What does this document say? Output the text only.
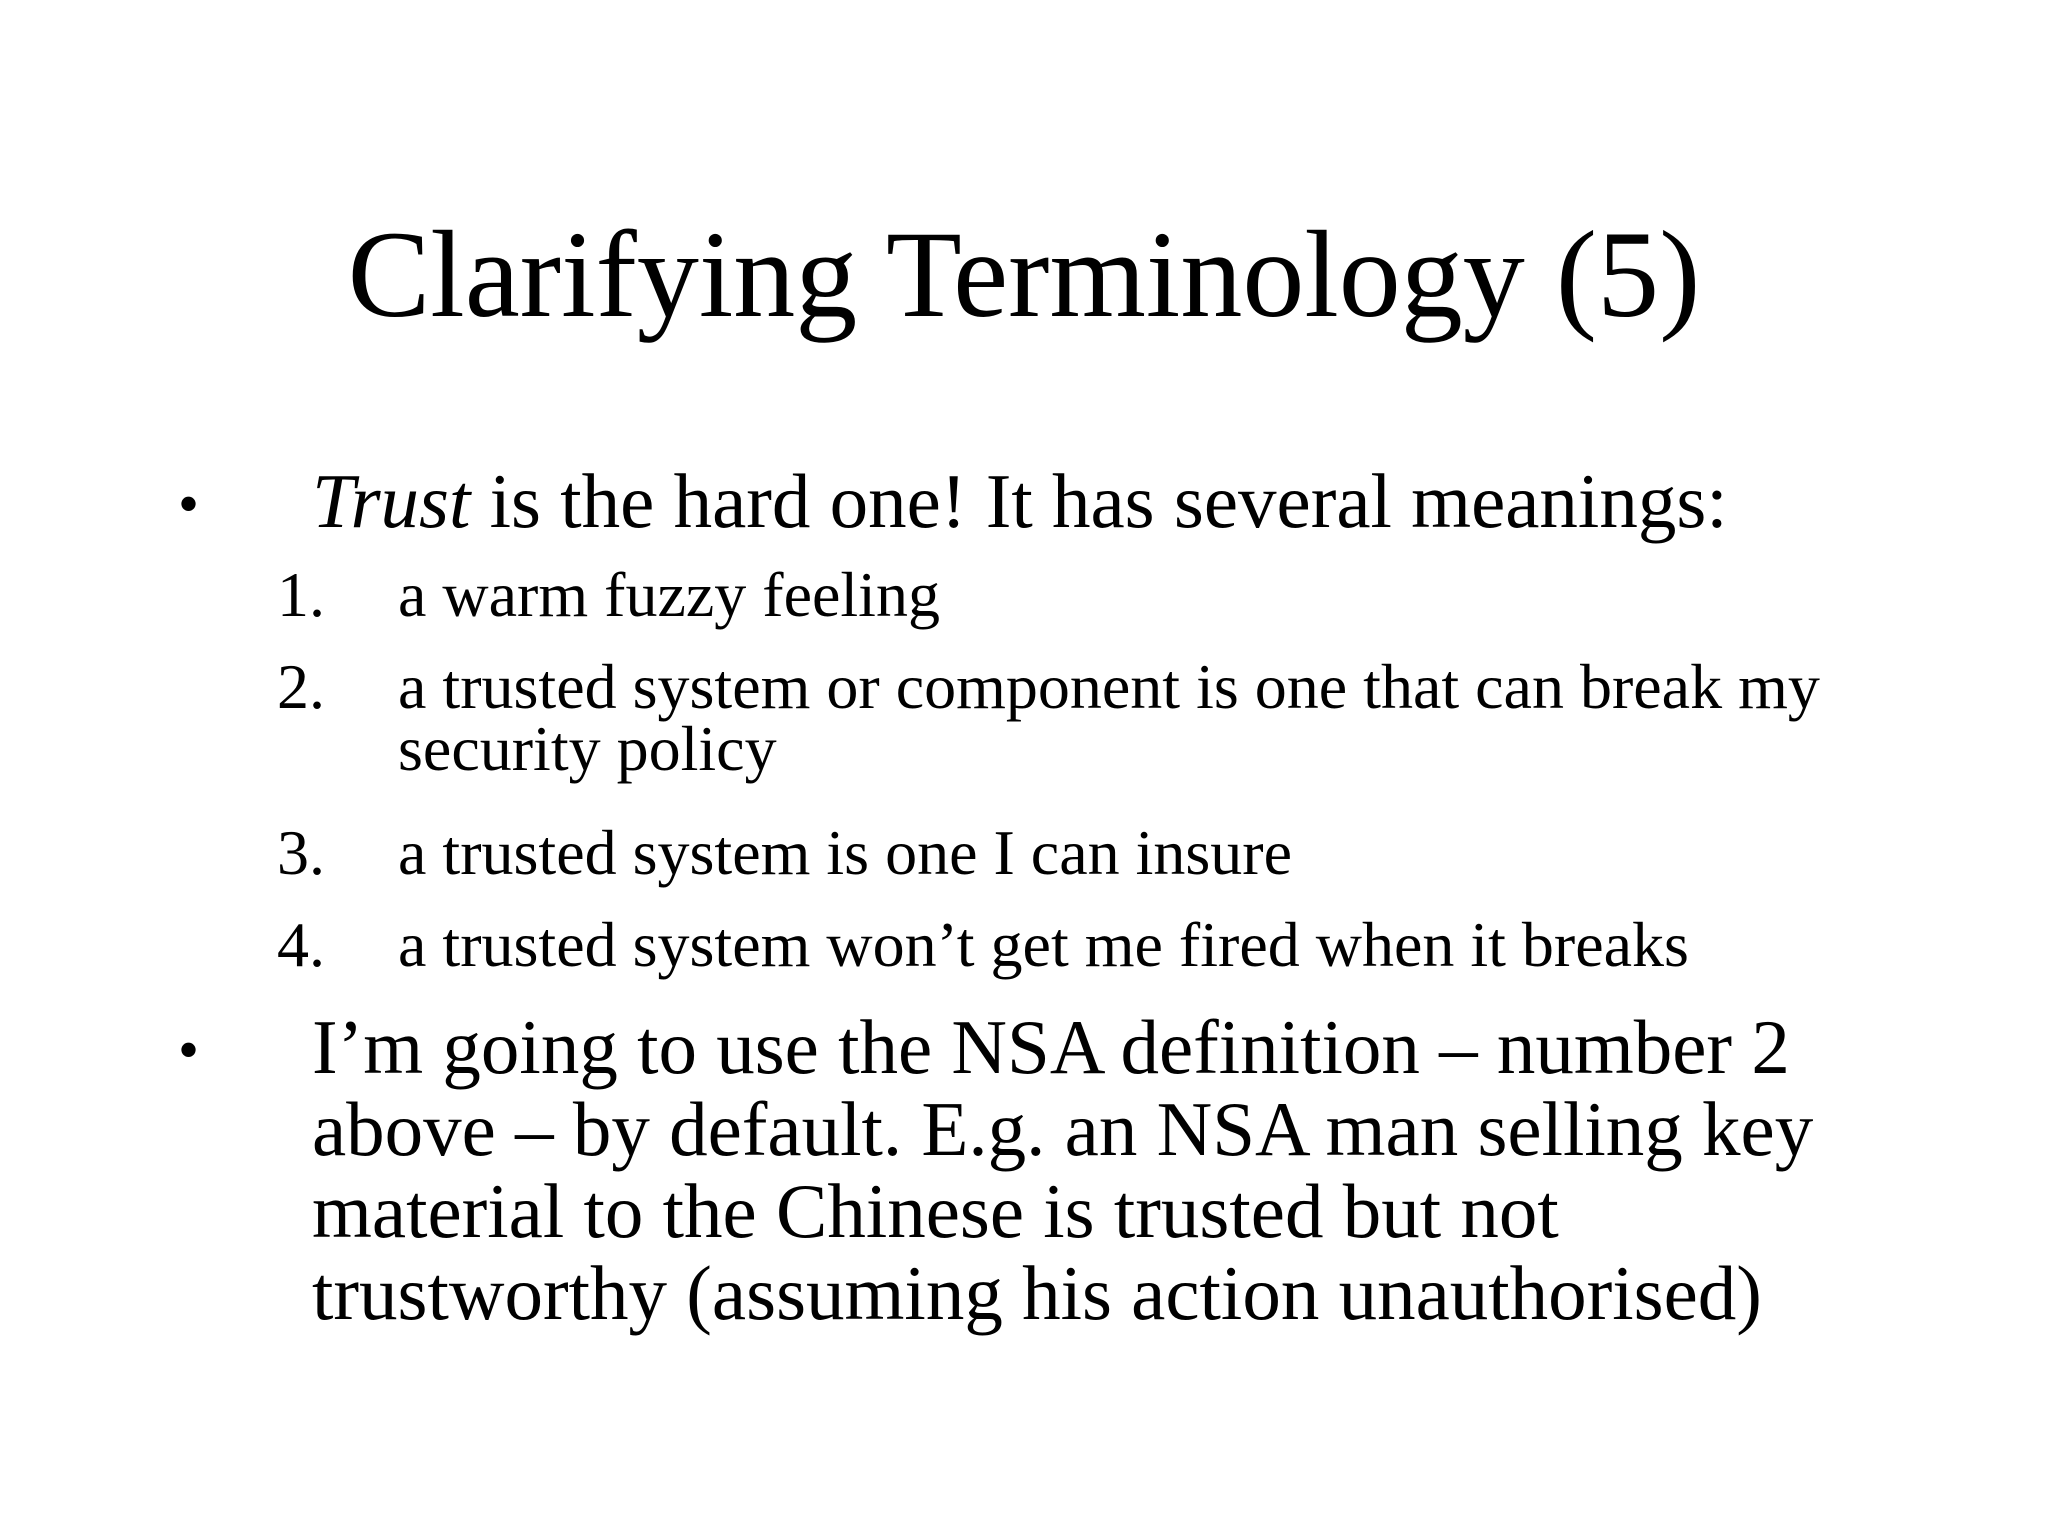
Clarifying Terminology (5)
• Trust is the hard one! It has several meanings:
1.	a warm fuzzy feeling
2.	a trusted system or component is one that can break my security policy
3.	a trusted system is one I can insure
4.	a trusted system won’t get me fired when it breaks
• I’m going to use the NSA definition – number 2 above – by default. E.g. an NSA man selling key material to the Chinese is trusted but not trustworthy (assuming his action unauthorised)
